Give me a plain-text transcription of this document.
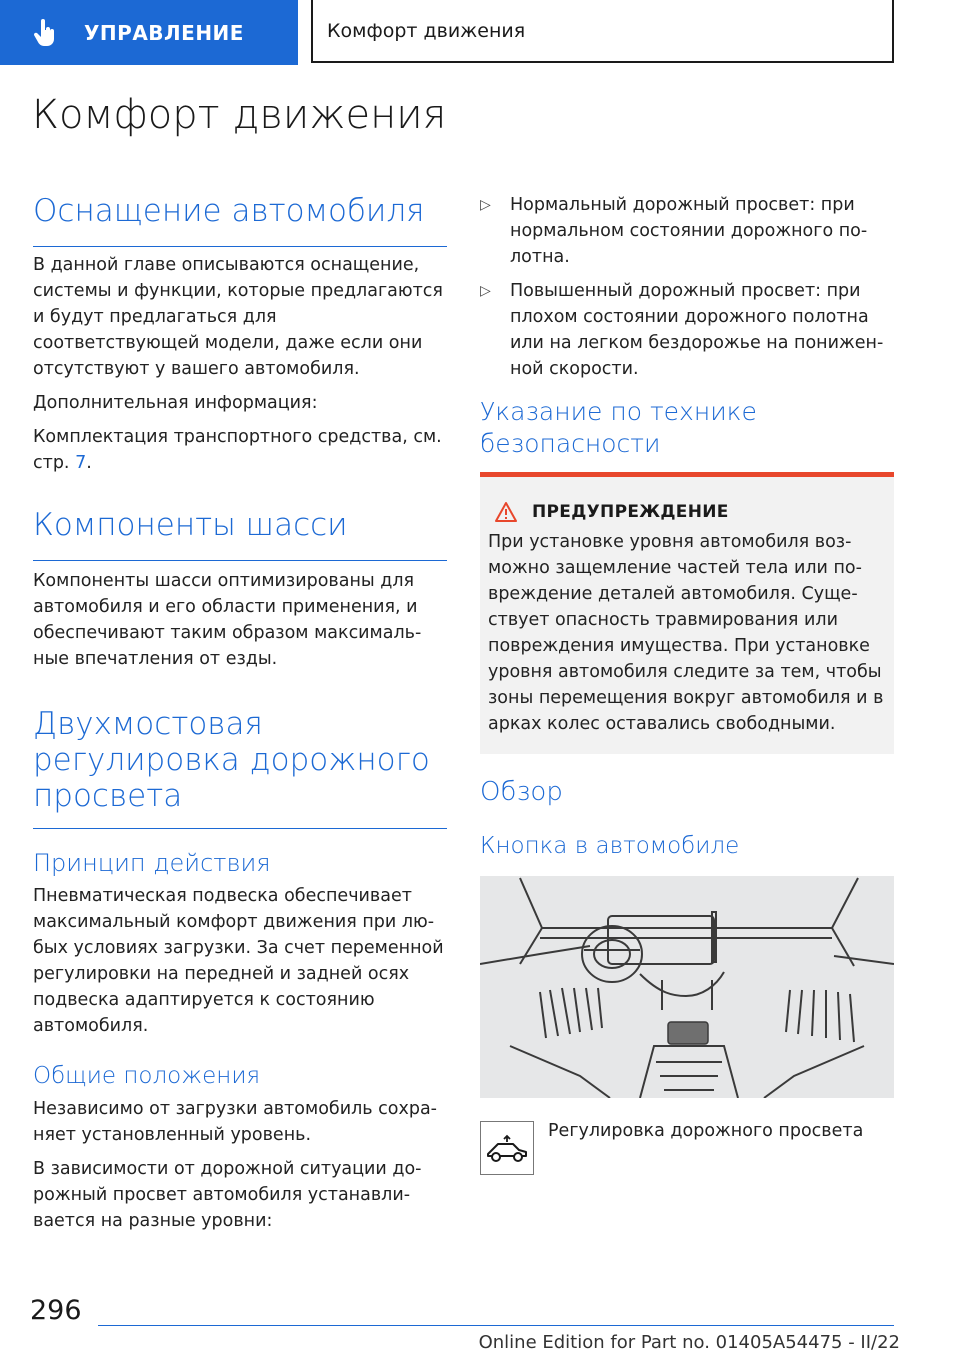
УПРАВЛЕНИЕ	Комфорт движения
Комфорт движения
Оснащение автомобиля

В данной главе описываются оснащение, системы и функции, которые предлагаются и будут предлагаться для соответствующей модели, даже если они отсутствуют у вашего автомобиля.

Дополнительная информация:

Комплектация транспортного средства, см. стр. 7.

Компоненты шасси

Компоненты шасси оптимизированы для автомобиля и его области применения, и обеспечивают таким образом максимальные впечатления от езды.

Двухмостовая регулировка дорожного просвета
Принцип действия

Пневматическая подвеска обеспечивает максимальный комфорт движения при любых условиях загрузки. За счет переменной регулировки на передней и задней осях подвеска адаптируется к состоянию автомобиля.

Общие положения

Независимо от загрузки автомобиль сохраняет установленный уровень.

В зависимости от дорожной ситуации дорожный просвет автомобиля устанавливается на разные уровни:

▷ Нормальный дорожный просвет: при нормальном состоянии дорожного полотна.
▷ Повышенный дорожный просвет: при плохом состоянии дорожного полотна или на легком бездорожье на пониженной скорости.
Указание по технике безопасности
ПРЕДУПРЕЖДЕНИЕ

При установке уровня автомобиля возможно защемление частей тела или повреждение деталей автомобиля. Существует опасность травмирования или повреждения имущества. При установке уровня автомобиля следите за тем, чтобы зоны перемещения вокруг автомобиля и в арках колес оставались свободными.

Обзор
Кнопка в автомобиле

Регулировка дорожного просвета

296
Online Edition for Part no. 01405A54475 - II/22
